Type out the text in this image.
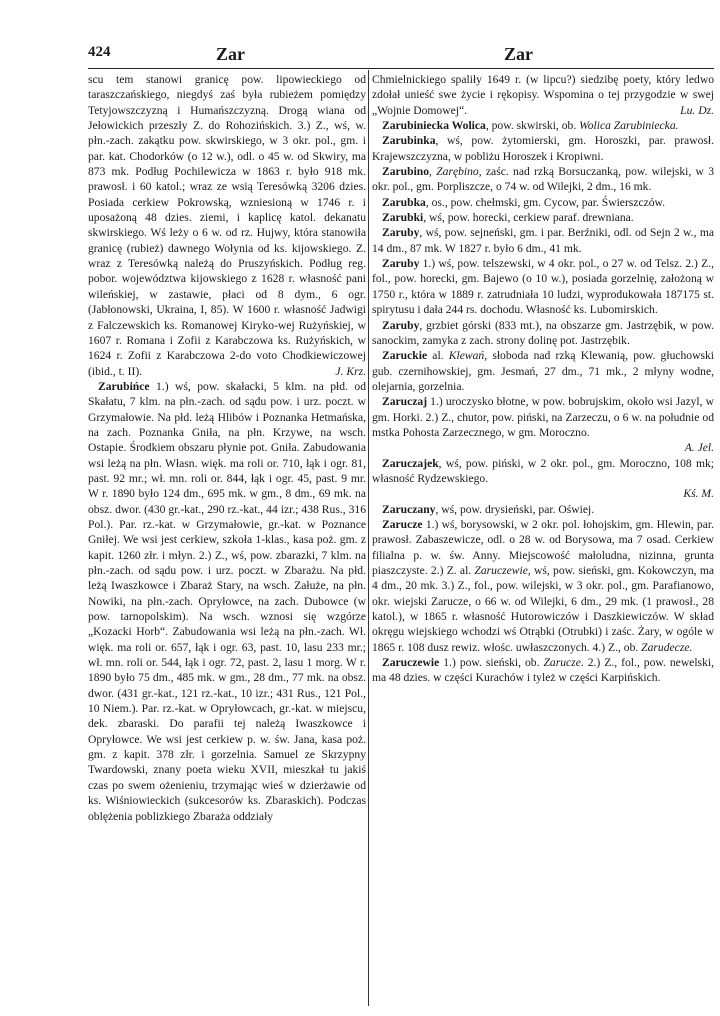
424	Zar	Zar

scu tem stanowi granicę pow. lipowieckiego od taraszczańskiego, niegdyś zaś była rubieżem pomiędzy Tetyjowszczyzną i Humańszczyzną. Drogą wiana od Jełowickich przeszły Z. do Rohozińskich. 3.) Z., wś, w. płn.-zach. zakątku pow. skwirskiego, w 3 okr. pol., gm. i par. kat. Chodorków (o 12 w.), odl. o 45 w. od Skwiry, ma 873 mk. Podług Pochilewicza w 1863 r. było 918 mk. prawosł. i 60 katol.; wraz ze wsią Teresówką 3206 dzies. Posiada cerkiew Pokrowską, wzniesioną w 1746 r. i uposażoną 48 dzies. ziemi, i kaplicę katol. dekanatu skwirskiego. Wś leży o 6 w. od rz. Hujwy, która stanowiła granicę (rubież) dawnego Wołynia od ks. kijowskiego. Z. wraz z Teresówką należą do Pruszyńskich. Podług reg. pobor. województwa kijowskiego z 1628 r. własność pani wileńskiej, w zastawie, płaci od 8 dym., 6 ogr. (Jabłonowski, Ukraina, I, 85). W 1600 r. własność Jadwigi z Falczewskich ks. Romanowej Kiryko-wej Rużyńskiej, w 1607 r. Romana i Zofii z Karabczowa ks. Rużyńskich, w 1624 r. Zofii z Karabczowa 2-do voto Chodkiewiczowej (ibid., t. II).	J. Krz.

Zarubińce 1.) wś, pow. skałacki, 5 klm. na płd. od Skałatu, 7 klm. na płn.-zach. od sądu pow. i urz. poczt. w Grzymałowie. Na płd. leżą Hlibów i Poznanka Hetmańska, na zach. Poznanka Gniła, na płn. Krzywe, na wsch. Ostapie. Środkiem obszaru płynie pot. Gniła. Zabudowania wsi leżą na płn. Własn. więk. ma roli or. 710, łąk i ogr. 81, past. 92 mr.; wł. mn. roli or. 844, łąk i ogr. 45, past. 9 mr. W r. 1890 było 124 dm., 695 mk. w gm., 8 dm., 69 mk. na obsz. dwor. (430 gr.-kat., 290 rz.-kat., 44 izr.; 438 Rus., 316 Pol.). Par. rz.-kat. w Grzymałowie, gr.-kat. w Poznance Gniłej. We wsi jest cerkiew, szkoła 1-klas., kasa poż. gm. z kapit. 1260 złr. i młyn. 2.) Z., wś, pow. zbarazki, 7 klm. na płn.-zach. od sądu pow. i urz. poczt. w Zbarażu. Na płd. leżą Iwaszkowce i Zbaraż Stary, na wsch. Załuże, na płn. Nowiki, na płn.-zach. Opryłowce, na zach. Dubowce (w pow. tarnopolskim). Na wsch. wznosi się wzgórze „Kozacki Horb“. Zabudowania wsi leżą na płn.-zach. Wł. więk. ma roli or. 657, łąk i ogr. 63, past. 10, lasu 233 mr.; wł. mn. roli or. 544, łąk i ogr. 72, past. 2, lasu 1 morg. W r. 1890 było 75 dm., 485 mk. w gm., 28 dm., 77 mk. na obsz. dwor. (431 gr.-kat., 121 rz.-kat., 10 izr.; 431 Rus., 121 Pol., 10 Niem.). Par. rz.-kat. w Opryłowcach, gr.-kat. w miejscu, dek. zbaraski. Do parafii tej należą Iwaszkowce i Opryłowce. We wsi jest cerkiew p. w. św. Jana, kasa poż. gm. z kapit. 378 złr. i gorzelnia. Samuel ze Skrzypny Twardowski, znany poeta wieku XVII, mieszkał tu jakiś czas po swem ożenieniu, trzymając wieś w dzierżawie od ks. Wiśniowieckich (sukcesorów ks. Zbaraskich). Podczas oblężenia poblizkiego Zbaraża oddziały

Chmielnickiego spaliły 1649 r. (w lipcu?) siedzibę poety, który ledwo zdołał unieść swe życie i rękopisy. Wspomina o tej przygodzie w swej „Wojnie Domowej“.	Lu. Dz.

Zarubiniecka Wolica, pow. skwirski, ob. Wolica Zarubiniecka.

Zarubinka, wś, pow. żytomierski, gm. Horoszki, par. prawosł. Krajewszczyzna, w pobliżu Horoszek i Kropiwni.

Zarubino, Zarębino, zaśc. nad rzką Borsuczanką, pow. wilejski, w 3 okr. pol., gm. Porpliszcze, o 74 w. od Wilejki, 2 dm., 16 mk.

Zarubka, os., pow. chełmski, gm. Cycow, par. Świerszczów.

Zarubki, wś, pow. horecki, cerkiew paraf. drewniana.

Zaruby, wś, pow. sejneński, gm. i par. Berźniki, odl. od Sejn 2 w., ma 14 dm., 87 mk. W 1827 r. było 6 dm., 41 mk.

Zaruby 1.) wś, pow. telszewski, w 4 okr. pol., o 27 w. od Telsz. 2.) Z., fol., pow. horecki, gm. Bajewo (o 10 w.), posiada gorzelnię, założoną w 1750 r., która w 1889 r. zatrudniała 10 ludzi, wyprodukowała 187175 st. spirytusu i dała 244 rs. dochodu. Własność ks. Lubomirskich.

Zaruby, grzbiet górski (833 mt.), na obszarze gm. Jastrzębik, w pow. sanockim, zamyka z zach. strony dolinę pot. Jastrzębik.

Zaruckie al. Klewań, słoboda nad rzką Klewanią, pow. głuchowski gub. czernihowskiej, gm. Jesmań, 27 dm., 71 mk., 2 młyny wodne, olejarnia, gorzelnia.

Zaruczaj 1.) uroczysko błotne, w pow. bobrujskim, około wsi Jazyl, w gm. Horki. 2.) Z., chutor, pow. piński, na Zarzeczu, o 6 w. na południe od mstka Pohosta Zarzecznego, w gm. Moroczno.
A. Jel.

Zaruczajek, wś, pow. piński, w 2 okr. pol., gm. Moroczno, 108 mk; własność Rydzewskiego.
Kś. M.

Zaruczany, wś, pow. drysieński, par. Oświej.

Zarucze 1.) wś, borysowski, w 2 okr. pol. łohojskim, gm. Hlewin, par. prawosł. Zabaszewicze, odl. o 28 w. od Borysowa, ma 7 osad. Cerkiew filialna p. w. św. Anny. Miejscowość małoludna, nizinna, grunta piaszczyste. 2.) Z. al. Zaruczewie, wś, pow. sieński, gm. Kokowczyn, ma 4 dm., 20 mk. 3.) Z., fol., pow. wilejski, w 3 okr. pol., gm. Parafianowo, okr. wiejski Zarucze, o 66 w. od Wilejki, 6 dm., 29 mk. (1 prawosł., 28 katol.), w 1865 r. własność Hutorowiczów i Daszkiewiczów. W skład okręgu wiejskiego wchodzi wś Otrąbki (Otrubki) i zaśc. Żary, w ogóle w 1865 r. 108 dusz rewiz. włośc. uwłaszczonych. 4.) Z., ob. Zarudecze.

Zaruczewie 1.) pow. sieński, ob. Zarucze. 2.) Z., fol., pow. newelski, ma 48 dzies. w części Kurachów i tyleż w części Karpińskich.
